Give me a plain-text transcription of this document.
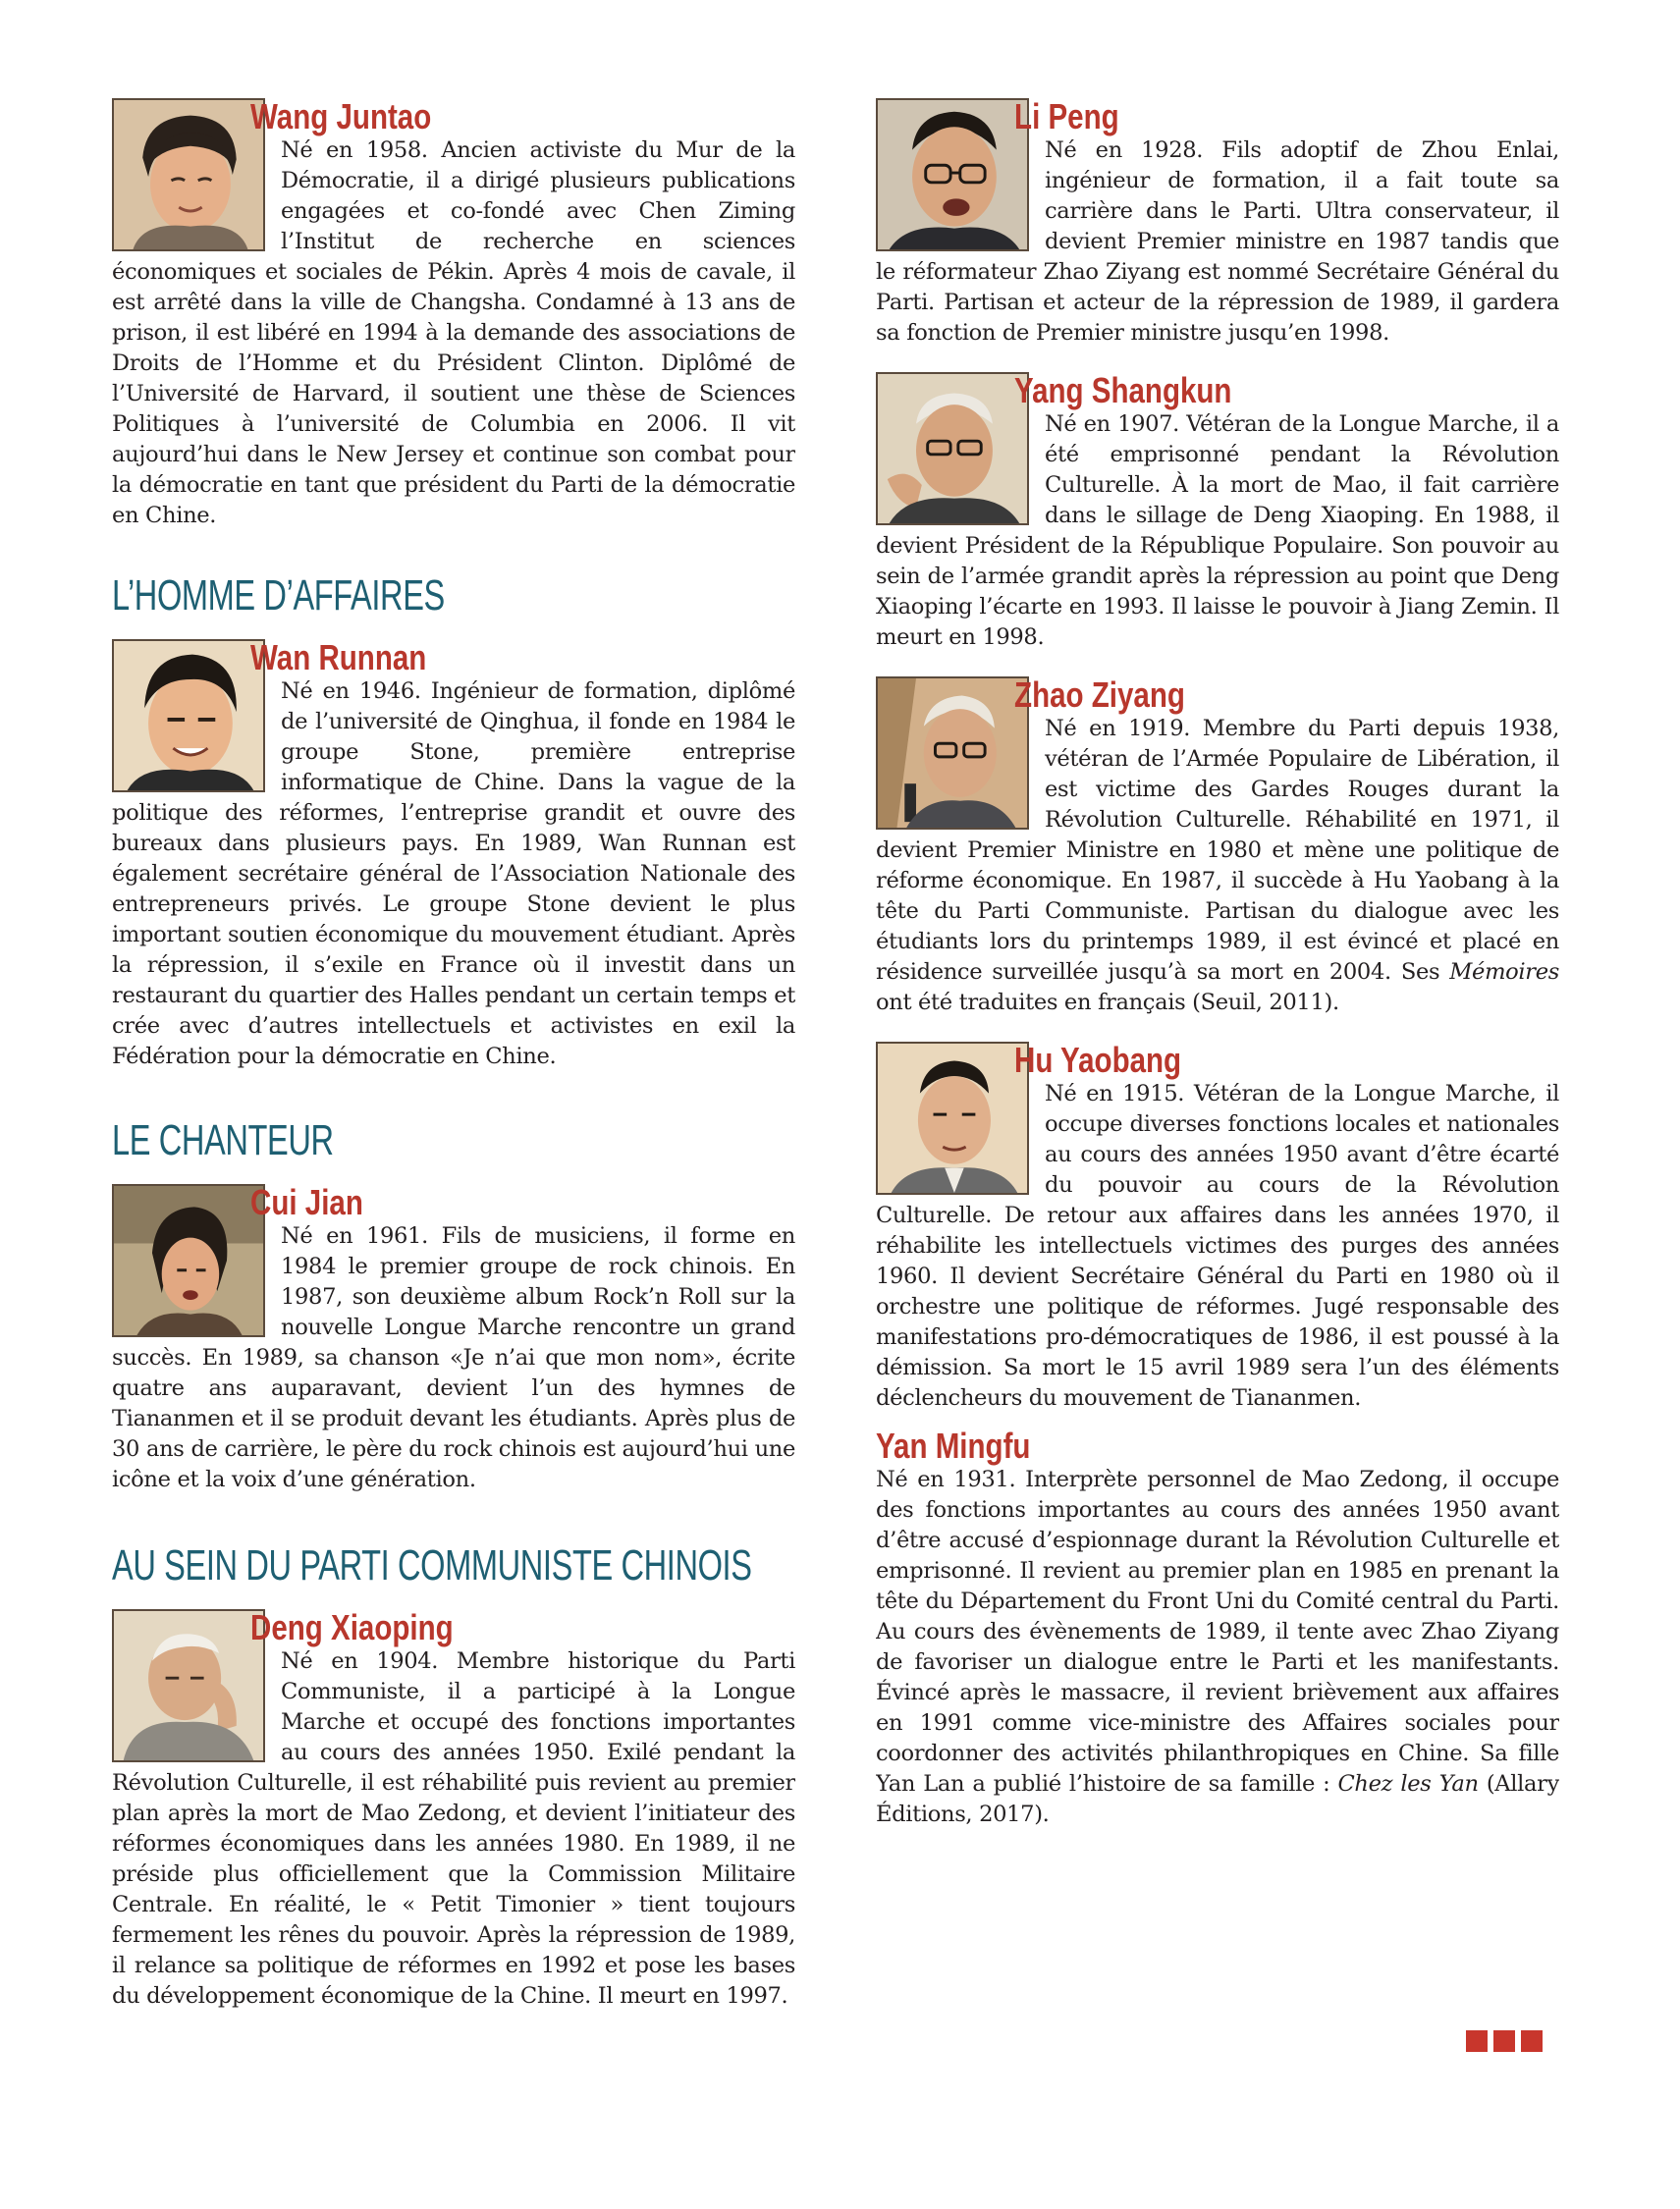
Wang Juntao

Né en 1958. Ancien activiste du Mur de la Démocratie, il a dirigé plusieurs publications engagées et co-fondé avec Chen Ziming l’Institut de recherche en sciences économiques et sociales de Pékin. Après 4 mois de cavale, il est arrêté dans la ville de Changsha. Condamné à 13 ans de prison, il est libéré en 1994 à la demande des associations de Droits de l’Homme et du Président Clinton. Diplômé de l’Université de Harvard, il soutient une thèse de Sciences Politiques à l’université de Columbia en 2006. Il vit aujourd’hui dans le New Jersey et continue son combat pour la démocratie en tant que président du Parti de la démocratie en Chine.

L’HOMME D’AFFAIRES
Wan Runnan

Né en 1946. Ingénieur de formation, diplômé de l’université de Qinghua, il fonde en 1984 le groupe Stone, première entreprise informatique de Chine. Dans la vague de la politique des réformes, l’entreprise grandit et ouvre des bureaux dans plusieurs pays. En 1989, Wan Runnan est également secrétaire général de l’Association Nationale des entrepreneurs privés. Le groupe Stone devient le plus important soutien économique du mouvement étudiant. Après la répression, il s’exile en France où il investit dans un restaurant du quartier des Halles pendant un certain temps et crée avec d’autres intellectuels et activistes en exil la Fédération pour la démocratie en Chine.

LE CHANTEUR
Cui Jian

Né en 1961. Fils de musiciens, il forme en 1984 le premier groupe de rock chinois. En 1987, son deuxième album Rock’n Roll sur la nouvelle Longue Marche rencontre un grand succès. En 1989, sa chanson «Je n’ai que mon nom», écrite quatre ans auparavant, devient l’un des hymnes de Tiananmen et il se produit devant les étudiants. Après plus de 30 ans de carrière, le père du rock chinois est aujourd’hui une icône et la voix d’une génération.

AU SEIN DU PARTI COMMUNISTE CHINOIS
Deng Xiaoping

Né en 1904. Membre historique du Parti Communiste, il a participé à la Longue Marche et occupé des fonctions importantes au cours des années 1950. Exilé pendant la Révolution Culturelle, il est réhabilité puis revient au premier plan après la mort de Mao Zedong, et devient l’initiateur des réformes économiques dans les années 1980. En 1989, il ne préside plus officiellement que la Commission Militaire Centrale. En réalité, le « Petit Timonier » tient toujours fermement les rênes du pouvoir. Après la répression de 1989, il relance sa politique de réformes en 1992 et pose les bases du développement économique de la Chine. Il meurt en 1997.

Li Peng

Né en 1928. Fils adoptif de Zhou Enlai, ingénieur de formation, il a fait toute sa carrière dans le Parti. Ultra conservateur, il devient Premier ministre en 1987 tandis que le réformateur Zhao Ziyang est nommé Secrétaire Général du Parti. Partisan et acteur de la répression de 1989, il gardera sa fonction de Premier ministre jusqu’en 1998.

Yang Shangkun

Né en 1907. Vétéran de la Longue Marche, il a été emprisonné pendant la Révolution Culturelle. À la mort de Mao, il fait carrière dans le sillage de Deng Xiaoping. En 1988, il devient Président de la République Populaire. Son pouvoir au sein de l’armée grandit après la répression au point que Deng Xiaoping l’écarte en 1993. Il laisse le pouvoir à Jiang Zemin. Il meurt en 1998.

Zhao Ziyang

Né en 1919. Membre du Parti depuis 1938, vétéran de l’Armée Populaire de Libération, il est victime des Gardes Rouges durant la Révolution Culturelle. Réhabilité en 1971, il devient Premier Ministre en 1980 et mène une politique de réforme économique. En 1987, il succède à Hu Yaobang à la tête du Parti Communiste. Partisan du dialogue avec les étudiants lors du printemps 1989, il est évincé et placé en résidence surveillée jusqu’à sa mort en 2004. Ses Mémoires ont été traduites en français (Seuil, 2011).

Hu Yaobang

Né en 1915. Vétéran de la Longue Marche, il occupe diverses fonctions locales et nationales au cours des années 1950 avant d’être écarté du pouvoir au cours de la Révolution Culturelle. De retour aux affaires dans les années 1970, il réhabilite les intellectuels victimes des purges des années 1960. Il devient Secrétaire Général du Parti en 1980 où il orchestre une politique de réformes. Jugé responsable des manifestations pro-démocratiques de 1986, il est poussé à la démission. Sa mort le 15 avril 1989 sera l’un des éléments déclencheurs du mouvement de Tiananmen.

Yan Mingfu

Né en 1931. Interprète personnel de Mao Zedong, il occupe des fonctions importantes au cours des années 1950 avant d’être accusé d’espionnage durant la Révolution Culturelle et emprisonné. Il revient au premier plan en 1985 en prenant la tête du Département du Front Uni du Comité central du Parti. Au cours des évènements de 1989, il tente avec Zhao Ziyang de favoriser un dialogue entre le Parti et les manifestants. Évincé après le massacre, il revient brièvement aux affaires en 1991 comme vice-ministre des Affaires sociales pour coordonner des activités philanthropiques en Chine. Sa fille Yan Lan a publié l’histoire de sa famille : Chez les Yan (Allary Éditions, 2017).
